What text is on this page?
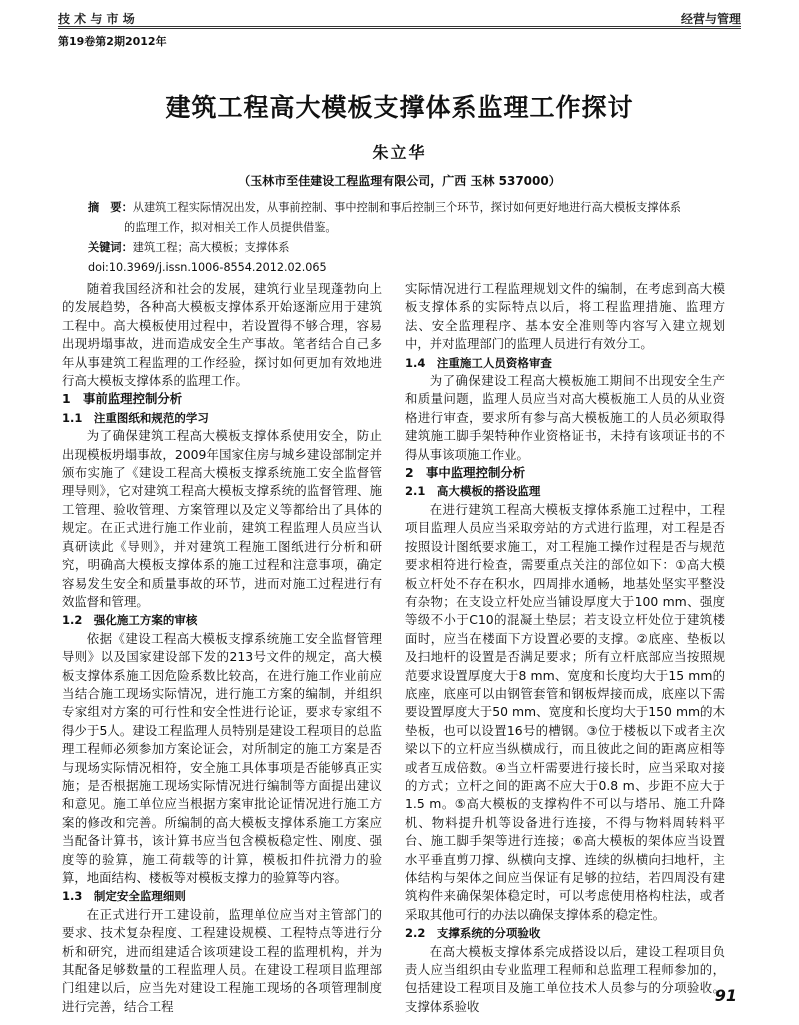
技 术 与 市 场	经营与管理
第19卷第2期2012年
建筑工程高大模板支撑体系监理工作探讨
朱立华
（玉林市至佳建设工程监理有限公司，广西 玉林 537000）
摘　要：从建筑工程实际情况出发，从事前控制、事中控制和事后控制三个环节，探讨如何更好地进行高大模板支撑体系
的监理工作，拟对相关工作人员提供借鉴。
关键词：建筑工程；高大模板；支撑体系
doi:10.3969/j.issn.1006-8554.2012.02.065

随着我国经济和社会的发展，建筑行业呈现蓬勃向上的发展趋势，各种高大模板支撑体系开始逐渐应用于建筑工程中。高大模板使用过程中，若设置得不够合理，容易出现坍塌事故，进而造成安全生产事故。笔者结合自己多年从事建筑工程监理的工作经验，探讨如何更加有效地进行高大模板支撑体系的监理工作。

1　事前监理控制分析
1.1　注重图纸和规范的学习

为了确保建筑工程高大模板支撑体系使用安全，防止出现模板坍塌事故，2009年国家住房与城乡建设部制定并颁布实施了《建设工程高大模板支撑系统施工安全监督管理导则》，它对建筑工程高大模板支撑系统的监督管理、施工管理、验收管理、方案管理以及定义等都给出了具体的规定。在正式进行施工作业前，建筑工程监理人员应当认真研读此《导则》，并对建筑工程施工图纸进行分析和研究，明确高大模板支撑体系的施工过程和注意事项，确定容易发生安全和质量事故的环节，进而对施工过程进行有效监督和管理。

1.2　强化施工方案的审核

依据《建设工程高大模板支撑系统施工安全监督管理导则》以及国家建设部下发的213号文件的规定，高大模板支撑体系施工因危险系数比较高，在进行施工作业前应当结合施工现场实际情况，进行施工方案的编制，并组织专家组对方案的可行性和安全性进行论证，要求专家组不得少于5人。建设工程监理人员特别是建设工程项目的总监理工程师必须参加方案论证会，对所制定的施工方案是否与现场实际情况相符，安全施工具体事项是否能够真正实施；是否根据施工现场实际情况进行编制等方面提出建议和意见。施工单位应当根据方案审批论证情况进行施工方案的修改和完善。所编制的高大模板支撑体系施工方案应当配备计算书，该计算书应当包含模板稳定性、刚度、强度等的验算，施工荷载等的计算，模板扣件抗滑力的验算，地面结构、楼板等对模板支撑力的验算等内容。

1.3　制定安全监理细则

在正式进行开工建设前，监理单位应当对主管部门的要求、技术复杂程度、工程建设规模、工程特点等进行分析和研究，进而组建适合该项建设工程的监理机构，并为其配备足够数量的工程监理人员。在建设工程项目监理部门组建以后，应当先对建设工程施工现场的各项管理制度进行完善，结合工程

实际情况进行工程监理规划文件的编制，在考虑到高大模板支撑体系的实际特点以后，将工程监理措施、监理方法、安全监理程序、基本安全准则等内容写入建立规划中，并对监理部门的监理人员进行有效分工。

1.4　注重施工人员资格审查

为了确保建设工程高大模板施工期间不出现安全生产和质量问题，监理人员应当对高大模板施工人员的从业资格进行审查，要求所有参与高大模板施工的人员必须取得建筑施工脚手架特种作业资格证书，未持有该项证书的不得从事该项施工作业。

2　事中监理控制分析
2.1　高大模板的搭设监理

在进行建筑工程高大模板支撑体系施工过程中，工程项目监理人员应当采取旁站的方式进行监理，对工程是否按照设计图纸要求施工，对工程施工操作过程是否与规范要求相符进行检查，需要重点关注的部位如下：①高大模板立杆处不存在积水，四周排水通畅，地基处坚实平整没有杂物；在支设立杆处应当铺设厚度大于100 mm、强度等级不小于C10的混凝土垫层；若支设立杆处位于建筑楼面时，应当在楼面下方设置必要的支撑。②底座、垫板以及扫地杆的设置是否满足要求；所有立杆底部应当按照规范要求设置厚度大于8 mm、宽度和长度均大于15 mm的底座，底座可以由钢管套管和钢板焊接而成，底座以下需要设置厚度大于50 mm、宽度和长度均大于150 mm的木垫板，也可以设置16号的槽钢。③位于楼板以下或者主次梁以下的立杆应当纵横成行，而且彼此之间的距离应相等或者互成倍数。④当立杆需要进行接长时，应当采取对接的方式；立杆之间的距离不应大于0.8 m、步距不应大于1.5 m。⑤高大模板的支撑构件不可以与塔吊、施工升降机、物料提升机等设备进行连接，不得与物料周转料平台、施工脚手架等进行连接；⑥高大模板的架体应当设置水平垂直剪刀撑、纵横向支撑、连续的纵横向扫地杆，主体结构与架体之间应当保证有足够的拉结，若四周没有建筑构件来确保架体稳定时，可以考虑使用格构柱法，或者采取其他可行的办法以确保支撑体系的稳定性。

2.2　支撑系统的分项验收

在高大模板支撑体系完成搭设以后，建设工程项目负责人应当组织由专业监理工程师和总监理工程师参加的，包括建设工程项目及施工单位技术人员参与的分项验收。支撑体系验收

91
